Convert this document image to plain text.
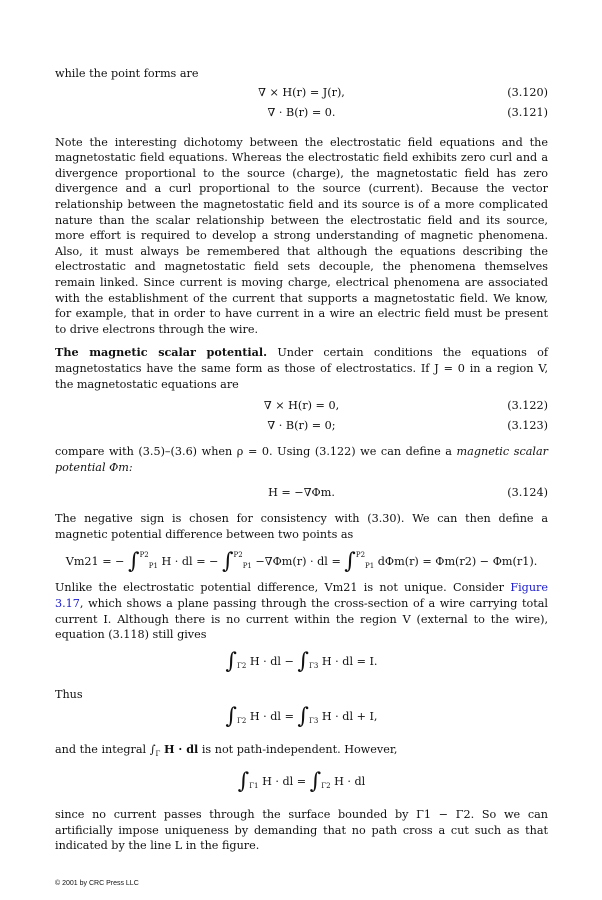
while the point forms are

∇ × H(r) = J(r),	(3.120)
∇ · B(r) = 0.	(3.121)

Note the interesting dichotomy between the electrostatic field equations and the magnetostatic field equations. Whereas the electrostatic field exhibits zero curl and a divergence proportional to the source (charge), the magnetostatic field has zero divergence and a curl proportional to the source (current). Because the vector relationship between the magnetostatic field and its source is of a more complicated nature than the scalar relationship between the electrostatic field and its source, more effort is required to develop a strong understanding of magnetic phenomena. Also, it must always be remembered that although the equations describing the electrostatic and magnetostatic field sets decouple, the phenomena themselves remain linked. Since current is moving charge, electrical phenomena are associated with the establishment of the current that supports a magnetostatic field. We know, for example, that in order to have current in a wire an electric field must be present to drive electrons through the wire.

The magnetic scalar potential. Under certain conditions the equations of magnetostatics have the same form as those of electrostatics. If J = 0 in a region V, the magnetostatic equations are

∇ × H(r) = 0,	(3.122)
∇ · B(r) = 0;	(3.123)

compare with (3.5)–(3.6) when ρ = 0. Using (3.122) we can define a magnetic scalar potential Φm:

H = −∇Φm.	(3.124)

The negative sign is chosen for consistency with (3.30). We can then define a magnetic potential difference between two points as

Vm21 = − ∫$^{P2}_{P1}$ H · dl = − ∫$^{P2}_{P1}$ −∇Φm(r) · dl = ∫$^{P2}_{P1}$ dΦm(r) = Φm(r2) − Φm(r1).

Unlike the electrostatic potential difference, Vm21 is not unique. Consider Figure 3.17, which shows a plane passing through the cross-section of a wire carrying total current I. Although there is no current within the region V (external to the wire), equation (3.118) still gives

$\int_{\Gamma 2}$ H · dl − $\int_{\Gamma 3}$ H · dl = I.

Thus

$\int_{\Gamma 2}$ H · dl = $\int_{\Gamma 3}$ H · dl + I,

and the integral $\int_\Gamma$ H · dl is not path-independent. However,

$\int_{\Gamma 1}$ H · dl = $\int_{\Gamma 2}$ H · dl

since no current passes through the surface bounded by Γ1 − Γ2. So we can artificially impose uniqueness by demanding that no path cross a cut such as that indicated by the line L in the figure.

© 2001 by CRC Press LLC
